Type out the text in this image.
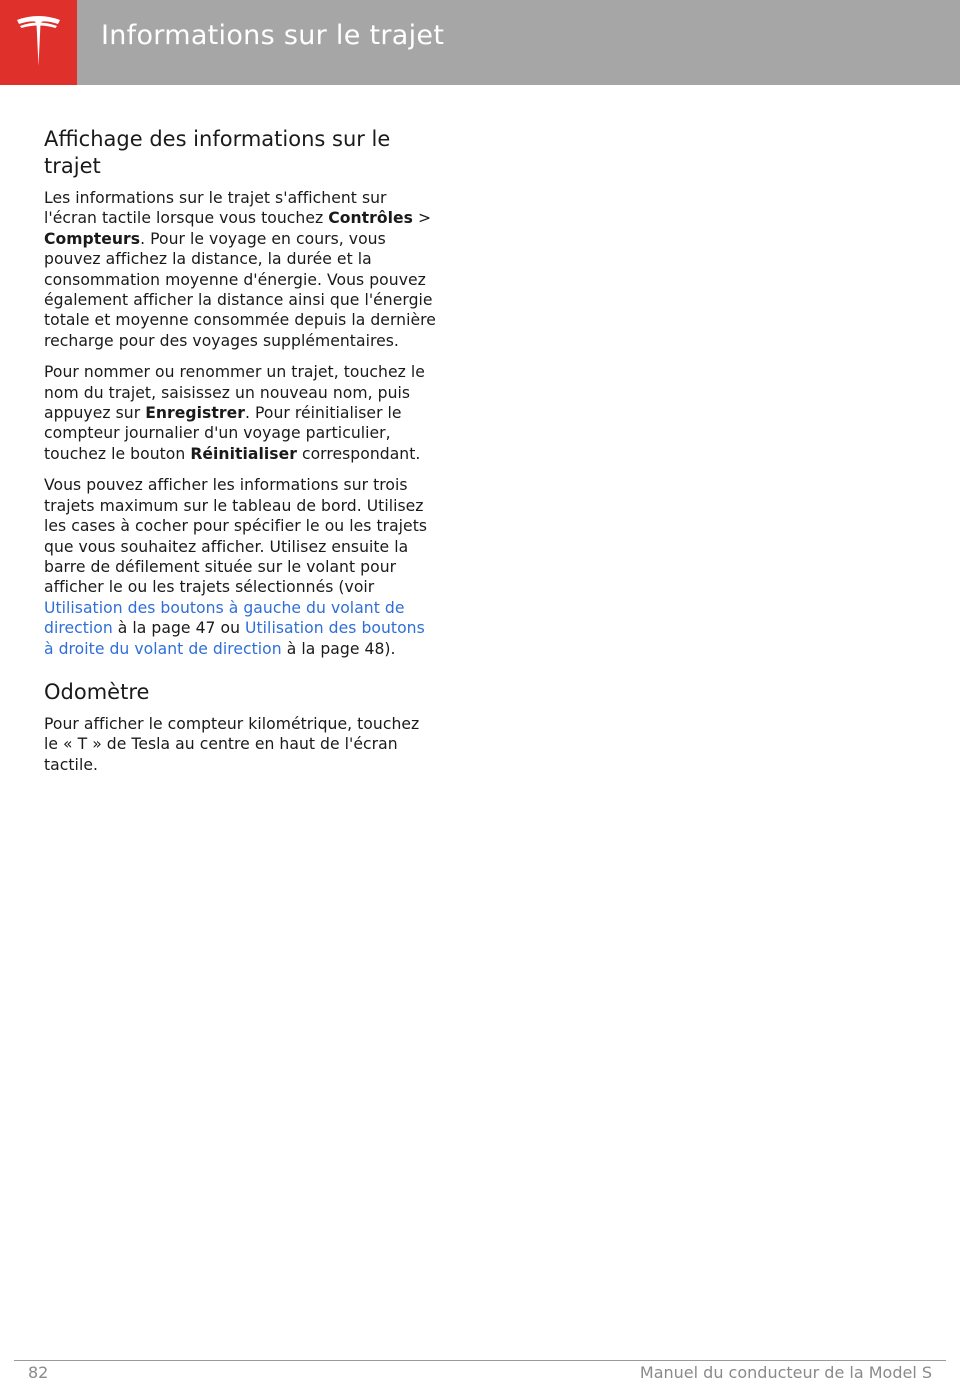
Informations sur le trajet
Affichage des informations sur le trajet

Les informations sur le trajet s'affichent sur l'écran tactile lorsque vous touchez Contrôles > Compteurs. Pour le voyage en cours, vous pouvez affichez la distance, la durée et la consommation moyenne d'énergie. Vous pouvez également afficher la distance ainsi que l'énergie totale et moyenne consommée depuis la dernière recharge pour des voyages supplémentaires.

Pour nommer ou renommer un trajet, touchez le nom du trajet, saisissez un nouveau nom, puis appuyez sur Enregistrer. Pour réinitialiser le compteur journalier d'un voyage particulier, touchez le bouton Réinitialiser correspondant.

Vous pouvez afficher les informations sur trois trajets maximum sur le tableau de bord. Utilisez les cases à cocher pour spécifier le ou les trajets que vous souhaitez afficher. Utilisez ensuite la barre de défilement située sur le volant pour afficher le ou les trajets sélectionnés (voir Utilisation des boutons à gauche du volant de direction à la page 47 ou Utilisation des boutons à droite du volant de direction à la page 48).

Odomètre

Pour afficher le compteur kilométrique, touchez le « T » de Tesla au centre en haut de l'écran tactile.

82	Manuel du conducteur de la Model S
